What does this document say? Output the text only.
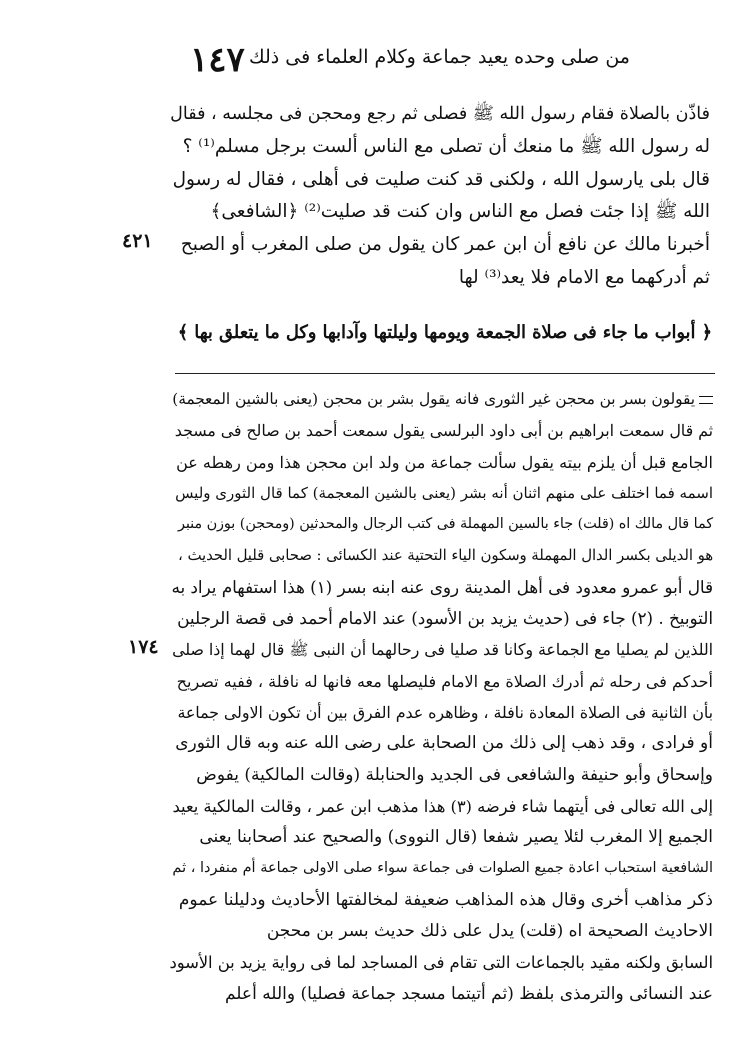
من صلى وحده يعيد جماعة وكلام العلماء فى ذلك
١٤٧

فاذّن بالصلاة فقام رسول الله ﷺ فصلى ثم رجع ومحجن فى مجلسه ، فقال

له رسول الله ﷺ ما منعك أن تصلى مع الناس ألست برجل مسلم⁽¹⁾ ؟

قال بلى يارسول الله ، ولكنى قد كنت صليت فى أهلى ، فقال له رسول

الله ﷺ إذا جئت فصل مع الناس وان كنت قد صليت⁽²⁾ ﴿الشافعى﴾

أخبرنا مالك عن نافع أن ابن عمر كان يقول من صلى المغرب أو الصبح

ثم أدركهما مع الامام فلا يعد⁽³⁾ لها

٤٢١
﴿ أبواب ما جاء فى صلاة الجمعة ويومها وليلتها وآدابها وكل ما يتعلق بها ﴾

يقولون بسر بن محجن غير الثورى فانه يقول بشر بن محجن (يعنى بالشين المعجمة)

ثم قال سمعت ابراهيم بن أبى داود البرلسى يقول سمعت أحمد بن صالح فى مسجد

الجامع قبل أن يلزم بيته يقول سألت جماعة من ولد ابن محجن هذا ومن رهطه عن

اسمه فما اختلف على منهم اثنان أنه بشر (يعنى بالشين المعجمة) كما قال الثورى وليس

كما قال مالك اه (قلت) جاء بالسين المهملة فى كتب الرجال والمحدثين (ومحجن) بوزن منبر

هو الديلى بكسر الدال المهملة وسكون الياء التحتية عند الكسائى : صحابى قليل الحديث ،

قال أبو عمرو معدود فى أهل المدينة روى عنه ابنه بسر (١) هذا استفهام يراد به

التوبيخ . (٢) جاء فى (حديث يزيد بن الأسود) عند الامام أحمد فى قصة الرجلين

اللذين لم يصليا مع الجماعة وكانا قد صليا فى رحالهما أن النبى ﷺ قال لهما إذا صلى

أحدكم فى رحله ثم أدرك الصلاة مع الامام فليصلها معه فانها له نافلة ، ففيه تصريح

بأن الثانية فى الصلاة المعادة نافلة ، وظاهره عدم الفرق بين أن تكون الاولى جماعة

أو فرادى ، وقد ذهب إلى ذلك من الصحابة على رضى الله عنه وبه قال الثورى

وإسحاق وأبو حنيفة والشافعى فى الجديد والحنابلة (وقالت المالكية) يفوض

إلى الله تعالى فى أيتهما شاء فرضه (٣) هذا مذهب ابن عمر ، وقالت المالكية يعيد

الجميع إلا المغرب لئلا يصير شفعا (قال النووى) والصحيح عند أصحابنا يعنى

الشافعية استحباب اعادة جميع الصلوات فى جماعة سواء صلى الاولى جماعة أم منفردا ، ثم

ذكر مذاهب أخرى وقال هذه المذاهب ضعيفة لمخالفتها الأحاديث ودليلنا عموم

الاحاديث الصحيحة اه (قلت) يدل على ذلك حديث بسر بن محجن

السابق ولكنه مقيد بالجماعات التى تقام فى المساجد لما فى رواية يزيد بن الأسود

عند النسائى والترمذى بلفظ (ثم أتيتما مسجد جماعة فصليا) والله أعلم

١٧٤
